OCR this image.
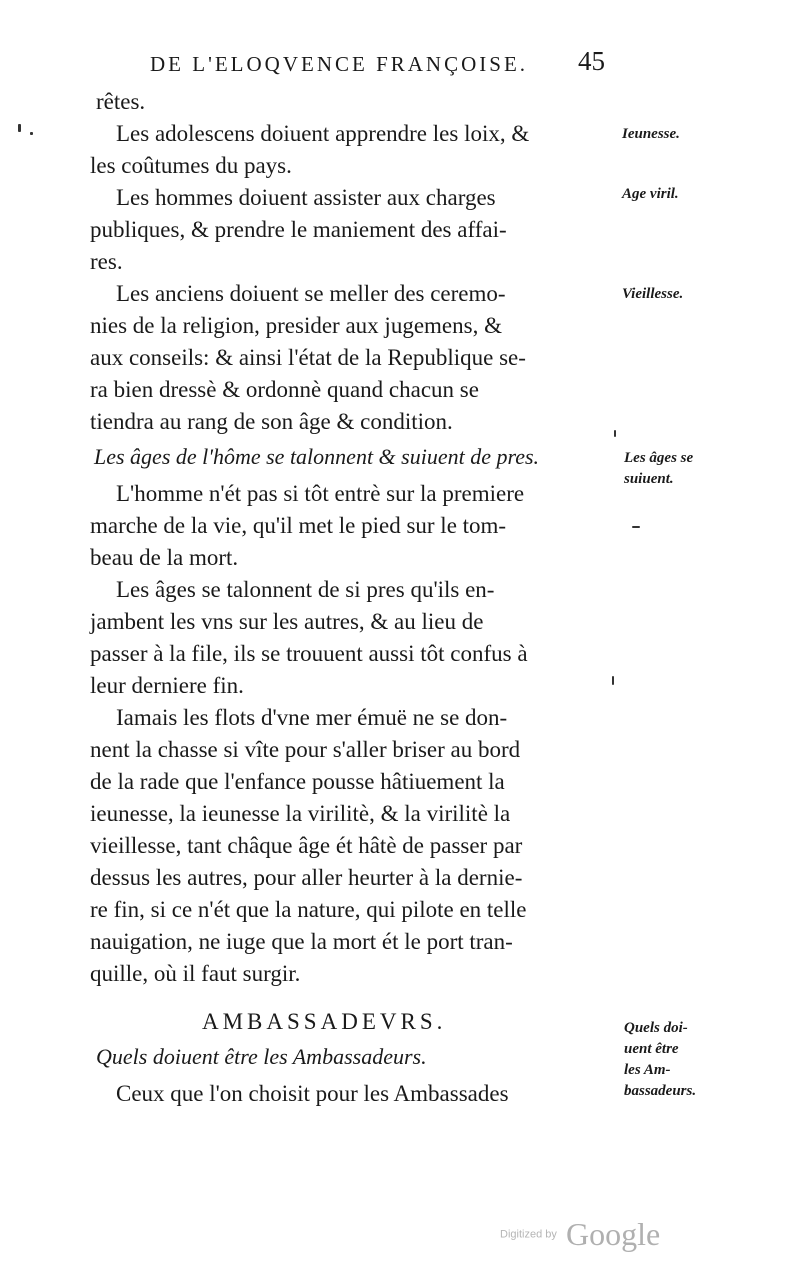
DE L'ELOQVENCE FRANÇOISE. 45
rêtes.
Les adolescens doiuent apprendre les loix, &
les coûtumes du pays.
Les hommes doiuent assister aux charges
publiques, & prendre le maniement des affai-
res.
Les anciens doiuent se meller des ceremo-
nies de la religion, presider aux jugemens, &
aux conseils: & ainsi l'état de la Republique se-
ra bien dressè & ordonnè quand chacun se
tiendra au rang de son âge & condition.
Les âges de l'hôme se talonnent & suiuent de pres.
L'homme n'ét pas si tôt entrè sur la premiere
marche de la vie, qu'il met le pied sur le tom-
beau de la mort.
Les âges se talonnent de si pres qu'ils en-
jambent les vns sur les autres, & au lieu de
passer à la file, ils se trouuent aussi tôt confus à
leur derniere fin.
Iamais les flots d'vne mer émuë ne se don-
nent la chasse si vîte pour s'aller briser au bord
de la rade que l'enfance pousse hâtiuement la
ieunesse, la ieunesse la virilitè, & la virilitè la
vieillesse, tant châque âge ét hâtè de passer par
dessus les autres, pour aller heurter à la dernie-
re fin, si ce n'ét que la nature, qui pilote en telle
nauigation, ne iuge que la mort ét le port tran-
quille, où il faut surgir.
AMBASSADEVRS.
Quels doiuent être les Ambassadeurs.
Ceux que l'on choisit pour les Ambassades
Ieunesse.
Age viril.
Vieillesse.
Les âges se
suiuent.
Quels doi-
uent être
les Am-
bassadeurs.
Digitized by Google
